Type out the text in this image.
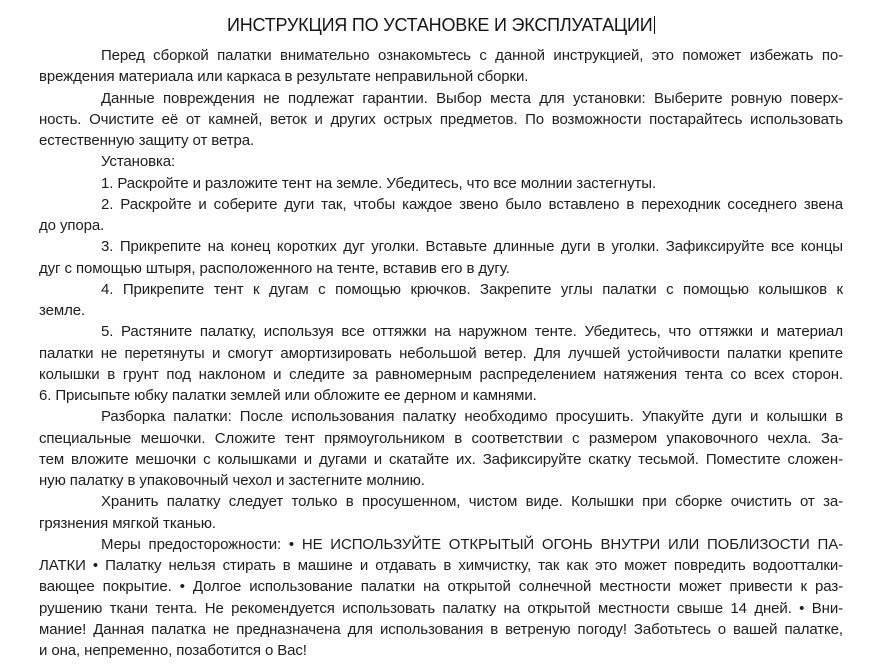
ИНСТРУКЦИЯ ПО УСТАНОВКЕ И ЭКСПЛУАТАЦИИ

Перед сборкой палатки внимательно ознакомьтесь с данной инструкцией, это поможет избежать по-
вреждения материала или каркаса в результате неправильной сборки.

Данные повреждения не подлежат гарантии. Выбор места для установки: Выберите ровную поверх-
ность. Очистите её от камней, веток и других острых предметов. По возможности постарайтесь использовать
естественную защиту от ветра.

Установка:

1. Раскройте и разложите тент на земле. Убедитесь, что все молнии застегнуты.

2. Раскройте и соберите дуги так, чтобы каждое звено было вставлено в переходник соседнего звена
до упора.

3. Прикрепите на конец коротких дуг уголки. Вставьте длинные дуги в уголки. Зафиксируйте все концы
дуг с помощью штыря, расположенного на тенте, вставив его в дугу.

4. Прикрепите тент к дугам с помощью крючков. Закрепите углы палатки с помощью колышков к
земле.

5. Растяните палатку, используя все оттяжки на наружном тенте. Убедитесь, что оттяжки и материал
палатки не перетянуты и смогут амортизировать небольшой ветер. Для лучшей устойчивости палатки крепите
колышки в грунт под наклоном и следите за равномерным распределением натяжения тента со всех сторон.
6. Присыпьте юбку палатки землей или обложите ее дерном и камнями.

Разборка палатки: После использования палатку необходимо просушить. Упакуйте дуги и колышки в
специальные мешочки. Сложите тент прямоугольником в соответствии с размером упаковочного чехла. За-
тем вложите мешочки с колышками и дугами и скатайте их. Зафиксируйте скатку тесьмой. Поместите сложен-
ную палатку в упаковочный чехол и застегните молнию.

Хранить палатку следует только в просушенном, чистом виде. Колышки при сборке очистить от за-
грязнения мягкой тканью.

Меры предосторожности: • НЕ ИСПОЛЬЗУЙТЕ ОТКРЫТЫЙ ОГОНЬ ВНУТРИ ИЛИ ПОБЛИЗОСТИ ПА-
ЛАТКИ • Палатку нельзя стирать в машине и отдавать в химчистку, так как это может повредить водоотталки-
вающее покрытие. • Долгое использование палатки на открытой солнечной местности может привести к раз-
рушению ткани тента. Не рекомендуется использовать палатку на открытой местности свыше 14 дней. • Вни-
мание! Данная палатка не предназначена для использования в ветреную погоду! Заботьтесь о вашей палатке,
и она, непременно, позаботится о Вас!
